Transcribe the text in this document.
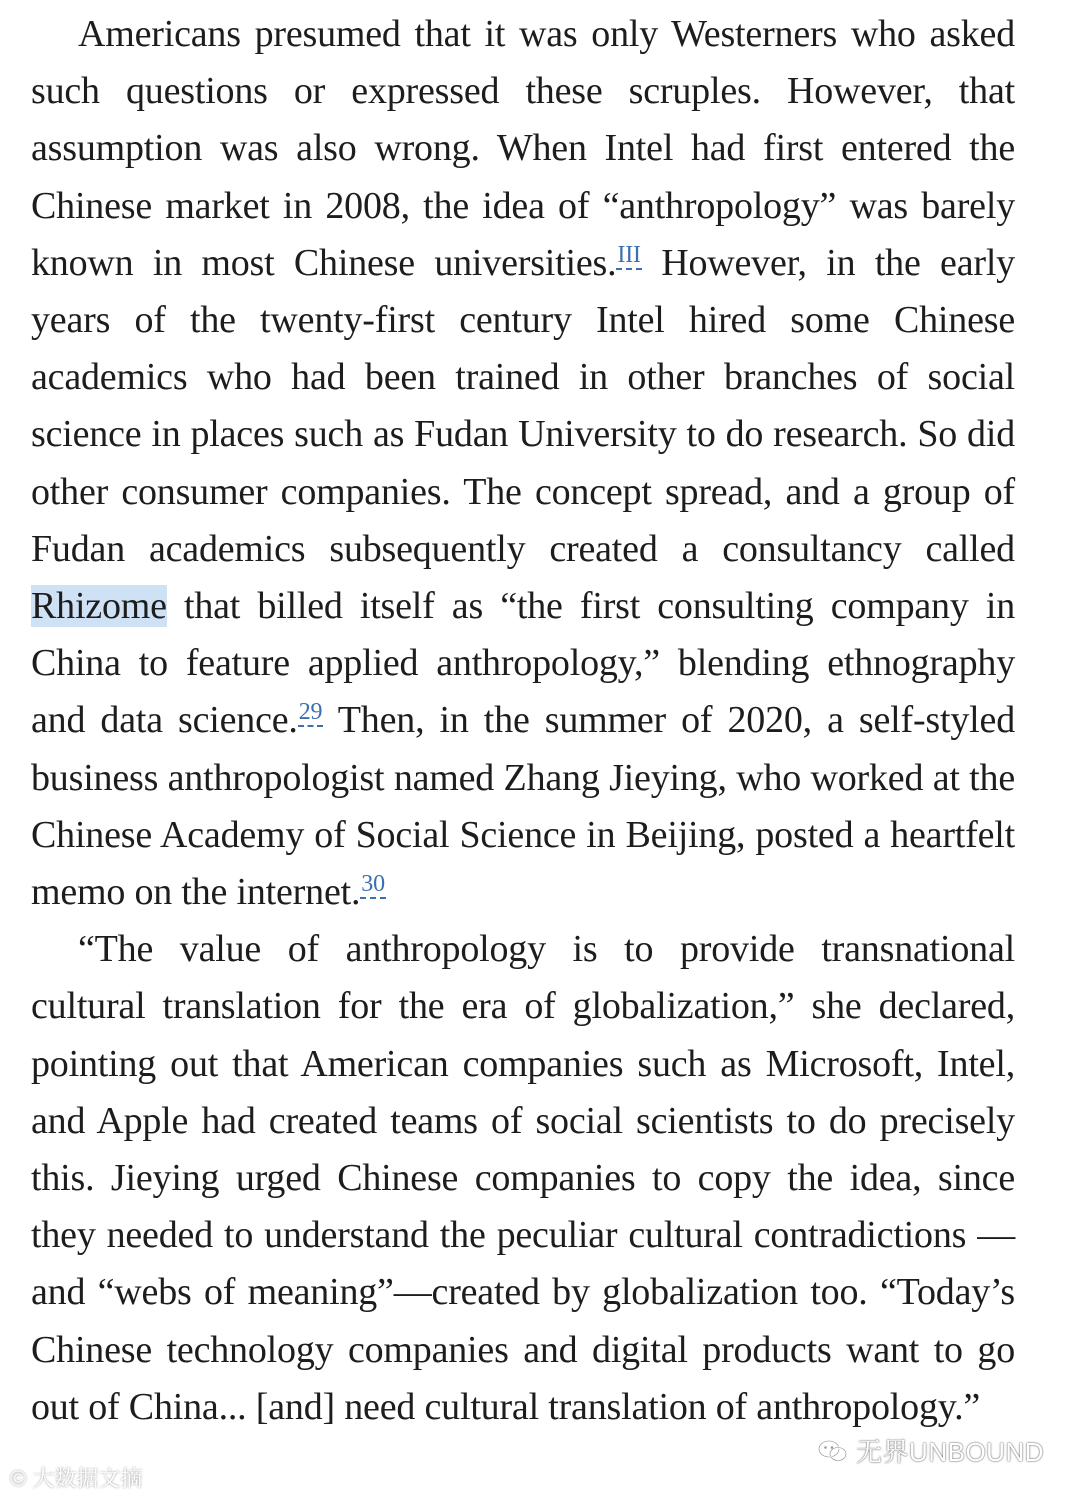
Americans presumed that it was only Westerners who asked such questions or expressed these scruples. However, that assumption was also wrong. When Intel had first entered the Chinese market in 2008, the idea of “anthropology” was barely known in most Chinese universities.$^{III}$ However, in the early years of the twenty-first century Intel hired some Chinese academics who had been trained in other branches of social science in places such as Fudan University to do research. So did other consumer companies. The concept spread, and a group of Fudan academics subsequently created a consultancy called Rhizome that billed itself as “the first consulting company in China to feature applied anthropology,” blending ethnography and data science.$^{29}$ Then, in the summer of 2020, a self-styled business anthropologist named Zhang Jieying, who worked at the Chinese Academy of Social Science in Beijing, posted a heartfelt memo on the internet.$^{30}$

“The value of anthropology is to provide transnational cultural translation for the era of globalization,” she declared, pointing out that American companies such as Microsoft, Intel, and Apple had created teams of social scientists to do precisely this. Jieying urged Chinese companies to copy the idea, since they needed to understand the peculiar cultural contradictions —and “webs of meaning”—created by globalization too. “Today’s Chinese technology companies and digital products want to go out of China... [and] need cultural translation of anthropology.”

无界UNBOUND
© 大数据文摘
